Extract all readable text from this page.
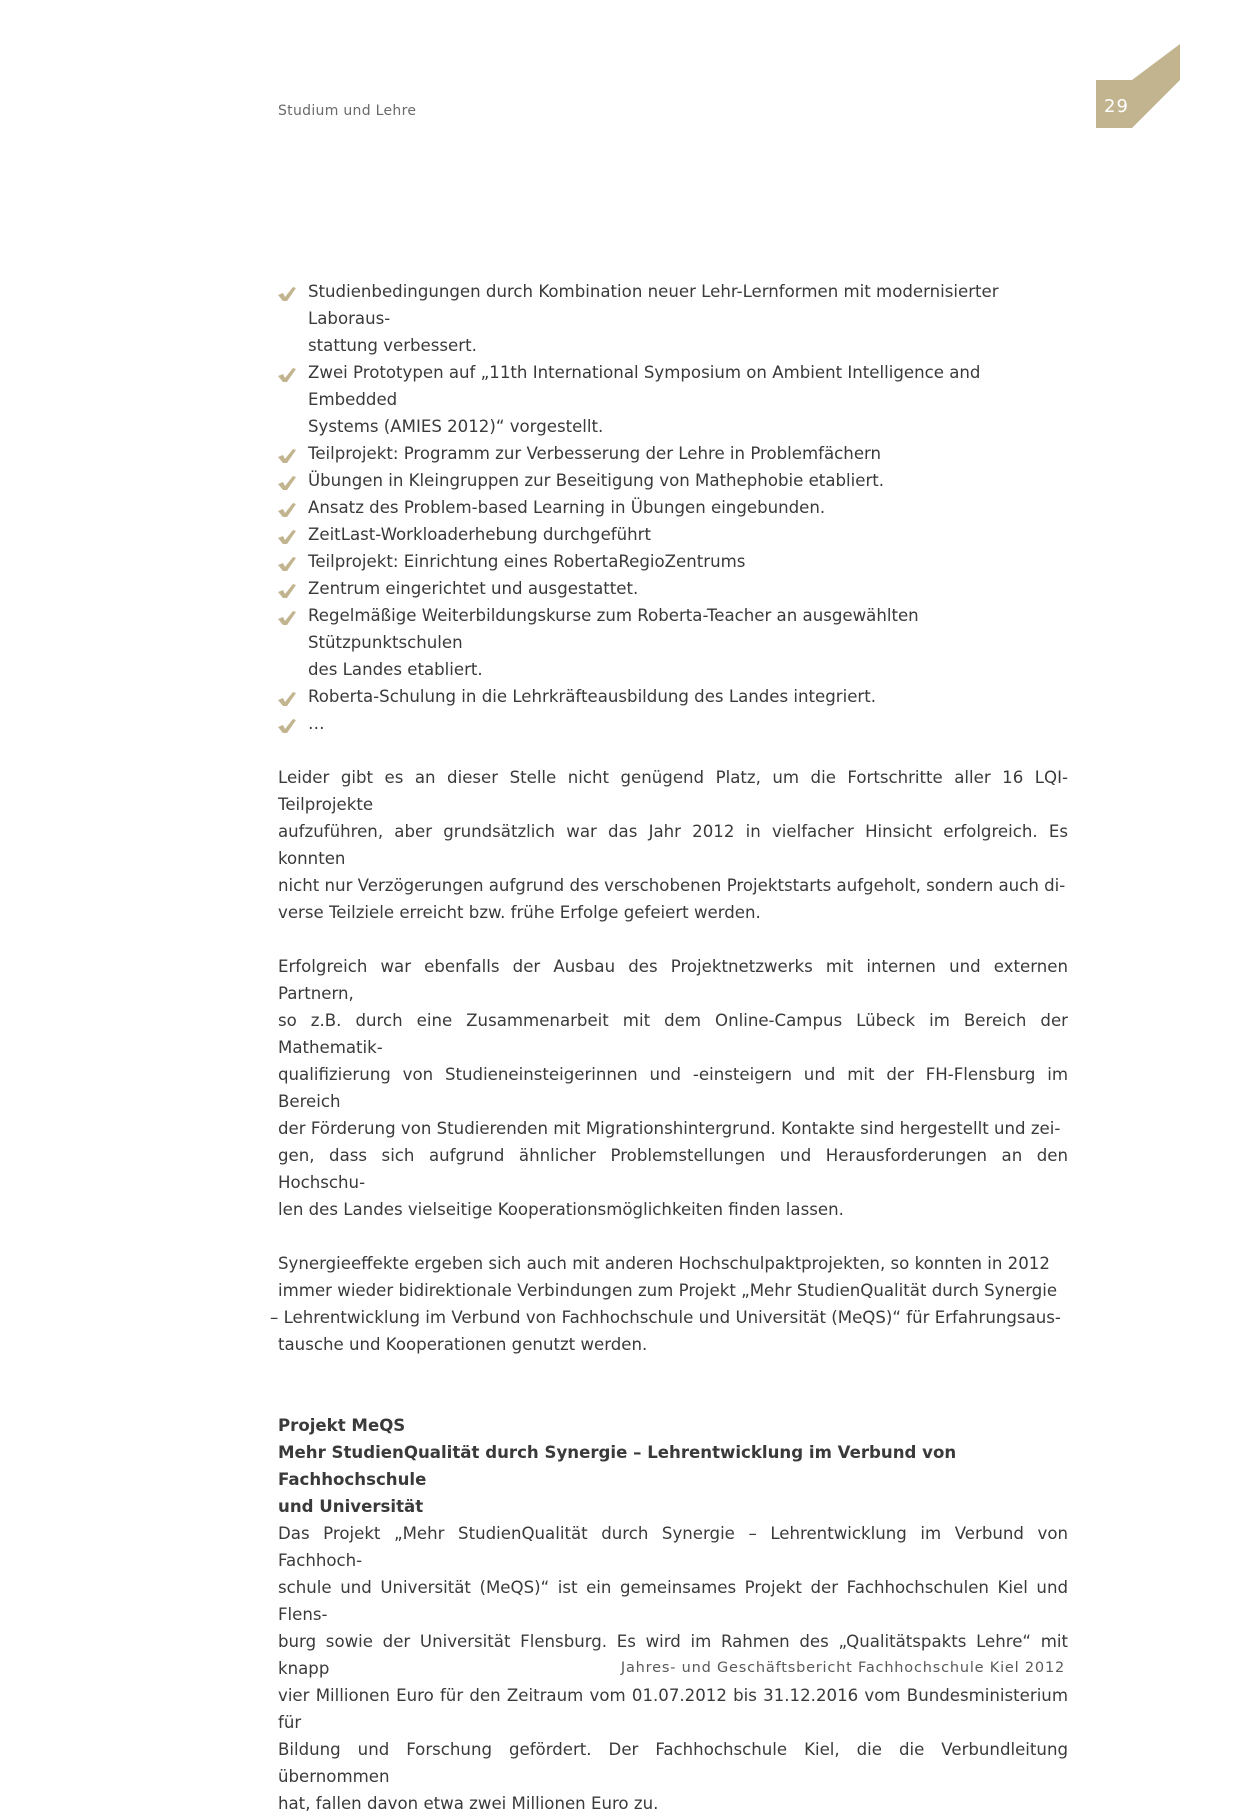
Studium und Lehre	29
Studienbedingungen durch Kombination neuer Lehr-Lernformen mit modernisierter Laboraus-
stattung verbessert.
Zwei Prototypen auf „11th International Symposium on Ambient Intelligence and Embedded
Systems (AMIES 2012)“ vorgestellt.
Teilprojekt: Programm zur Verbesserung der Lehre in Problemfächern
Übungen in Kleingruppen zur Beseitigung von Mathephobie etabliert.
Ansatz des Problem-based Learning in Übungen eingebunden.
ZeitLast-Workloaderhebung durchgeführt
Teilprojekt: Einrichtung eines RobertaRegioZentrums
Zentrum eingerichtet und ausgestattet.
Regelmäßige Weiterbildungskurse zum Roberta-Teacher an ausgewählten Stützpunktschulen
des Landes etabliert.
Roberta-Schulung in die Lehrkräfteausbildung des Landes integriert.
…

Leider gibt es an dieser Stelle nicht genügend Platz, um die Fortschritte aller 16 LQI-Teilprojekte
aufzuführen, aber grundsätzlich war das Jahr 2012 in vielfacher Hinsicht erfolgreich. Es konnten
nicht nur Verzögerungen aufgrund des verschobenen Projektstarts aufgeholt, sondern auch di-
verse Teilziele erreicht bzw. frühe Erfolge gefeiert werden.

Erfolgreich war ebenfalls der Ausbau des Projektnetzwerks mit internen und externen Partnern,
so z.B. durch eine Zusammenarbeit mit dem Online-Campus Lübeck im Bereich der Mathematik-
qualifizierung von Studieneinsteigerinnen und -einsteigern und mit der FH-Flensburg im Bereich
der Förderung von Studierenden mit Migrationshintergrund. Kontakte sind hergestellt und zei-
gen, dass sich aufgrund ähnlicher Problemstellungen und Herausforderungen an den Hochschu-
len des Landes vielseitige Kooperationsmöglichkeiten finden lassen.

Synergieeffekte ergeben sich auch mit anderen Hochschulpaktprojekten, so konnten in 2012
immer wieder bidirektionale Verbindungen zum Projekt „Mehr StudienQualität durch Synergie

– Lehrentwicklung im Verbund von Fachhochschule und Universität (MeQS)“ für Erfahrungsaus-
tausche und Kooperationen genutzt werden.

Projekt MeQS
Mehr StudienQualität durch Synergie – Lehrentwicklung im Verbund von Fachhochschule
und Universität

Das Projekt „Mehr StudienQualität durch Synergie – Lehrentwicklung im Verbund von Fachhoch-
schule und Universität (MeQS)“ ist ein gemeinsames Projekt der Fachhochschulen Kiel und Flens-
burg sowie der Universität Flensburg. Es wird im Rahmen des „Qualitätspakts Lehre“ mit knapp
vier Millionen Euro für den Zeitraum vom 01.07.2012 bis 31.12.2016 vom Bundesministerium für
Bildung und Forschung gefördert. Der Fachhochschule Kiel, die die Verbundleitung übernommen
hat, fallen davon etwa zwei Millionen Euro zu.

Jahres- und Geschäftsbericht Fachhochschule Kiel 2012
